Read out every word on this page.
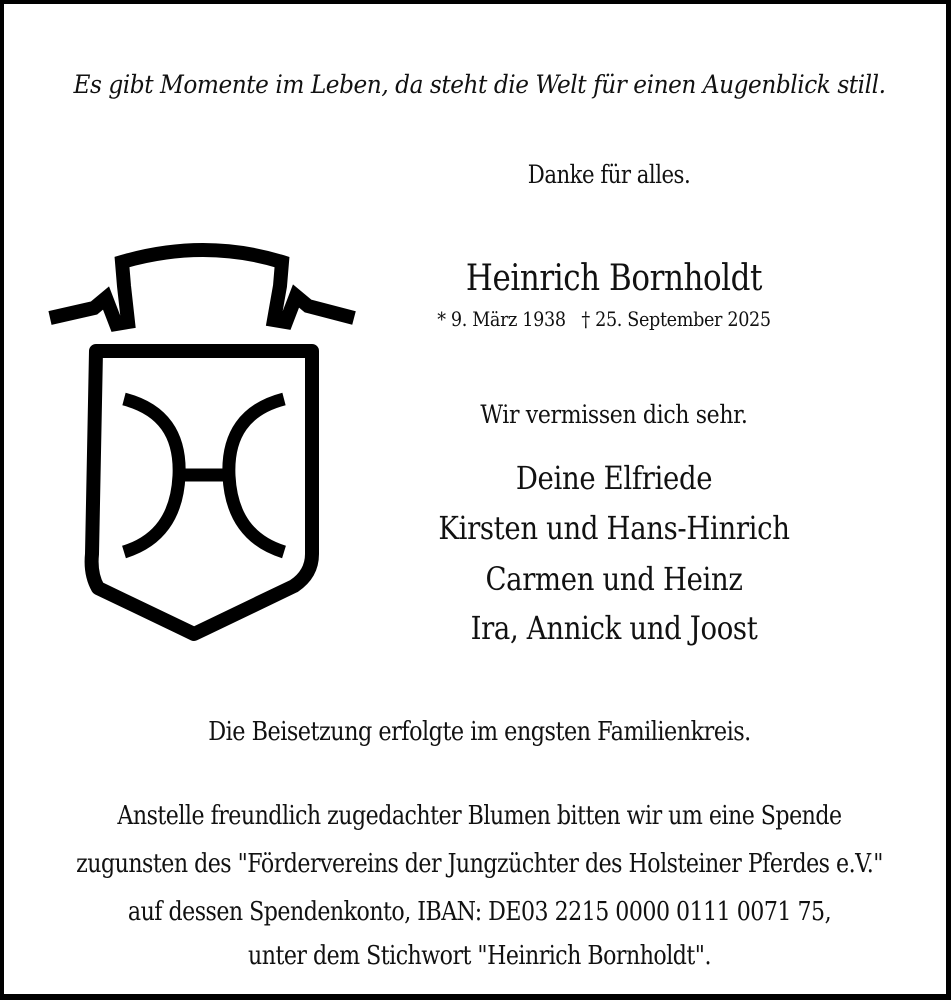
Es gibt Momente im Leben, da steht die Welt für einen Augenblick still.
Danke für alles.
Heinrich Bornholdt
* 9. März 1938   † 25. September 2025
Wir vermissen dich sehr.
Deine Elfriede
Kirsten und Hans-Hinrich
Carmen und Heinz
Ira, Annick und Joost
Die Beisetzung erfolgte im engsten Familienkreis.
Anstelle freundlich zugedachter Blumen bitten wir um eine Spende
zugunsten des "Fördervereins der Jungzüchter des Holsteiner Pferdes e.V."
auf dessen Spendenkonto, IBAN: DE03 2215 0000 0111 0071 75,
unter dem Stichwort "Heinrich Bornholdt".
